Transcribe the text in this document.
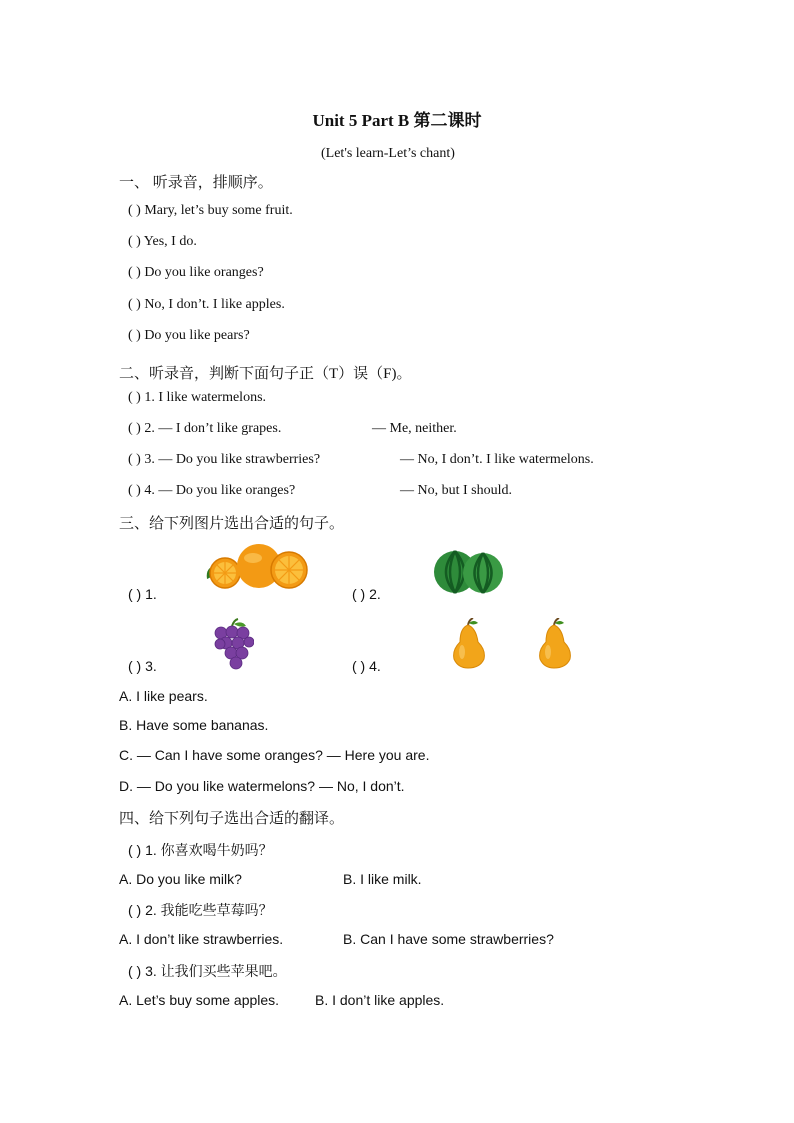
Unit 5 Part B 第二课时
(Let's learn-Let’s chant)
一、 听录音，排顺序。
( ) Mary, let’s buy some fruit.
( ) Yes, I do.
( ) Do you like oranges?
( ) No, I don’t. I like apples.
( ) Do you like pears?
二、听录音，判断下面句子正（T）误（F)。
( ) 1. I like watermelons.
( ) 2. — I don’t like grapes.	— Me, neither.
( ) 3. — Do you like strawberries?	— No, I don’t. I like watermelons.
( ) 4. — Do you like oranges?	— No, but I should.
三、给下列图片选出合适的句子。
( ) 1.	( ) 2.
( ) 3.	( ) 4.
A. I like pears.
B. Have some bananas.
C. — Can I have some oranges? — Here you are.
D. — Do you like watermelons? — No, I don’t.
四、给下列句子选出合适的翻译。
( ) 1. 你喜欢喝牛奶吗？
A. Do you like milk?	B. I like milk.
( ) 2. 我能吃些草莓吗？
A. I don’t like strawberries.	B. Can I have some strawberries?
( ) 3. 让我们买些苹果吧。
A. Let’s buy some apples.	B. I don’t like apples.
